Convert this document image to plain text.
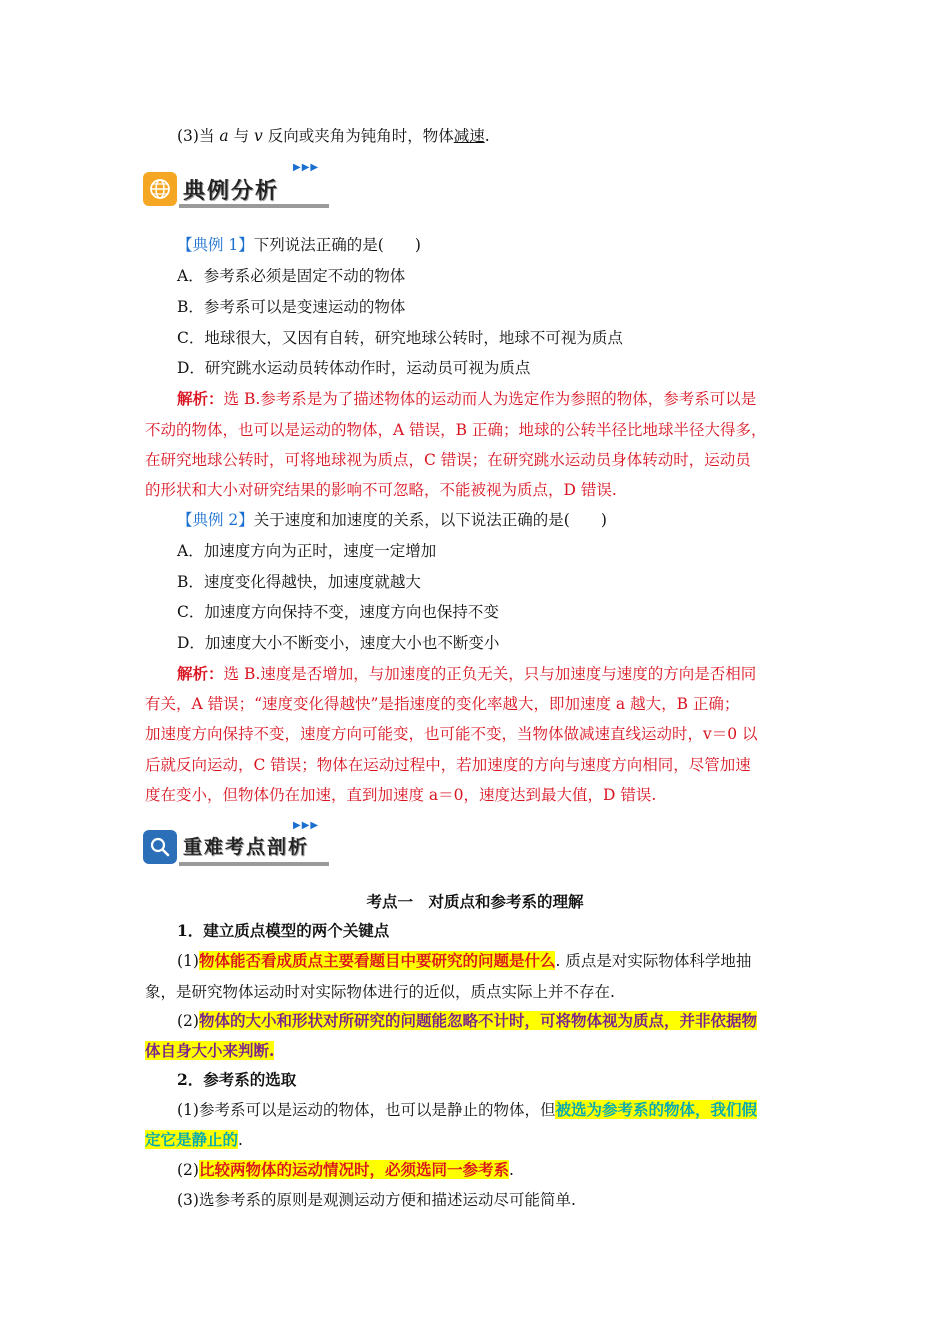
(3)当 a 与 v 反向或夹角为钝角时，物体减速.
典例分析
▶▶▶
【典例 1】下列说法正确的是(　　)
A．参考系必须是固定不动的物体
B．参考系可以是变速运动的物体
C．地球很大，又因有自转，研究地球公转时，地球不可视为质点
D．研究跳水运动员转体动作时，运动员可视为质点
解析：选 B.参考系是为了描述物体的运动而人为选定作为参照的物体，参考系可以是
不动的物体，也可以是运动的物体，A 错误，B 正确；地球的公转半径比地球半径大得多，
在研究地球公转时，可将地球视为质点，C 错误；在研究跳水运动员身体转动时，运动员
的形状和大小对研究结果的影响不可忽略，不能被视为质点，D 错误.
【典例 2】关于速度和加速度的关系，以下说法正确的是(　　)
A．加速度方向为正时，速度一定增加
B．速度变化得越快，加速度就越大
C．加速度方向保持不变，速度方向也保持不变
D．加速度大小不断变小，速度大小也不断变小
解析：选 B.速度是否增加，与加速度的正负无关，只与加速度与速度的方向是否相同
有关，A 错误；“速度变化得越快”是指速度的变化率越大，即加速度 a 越大，B 正确；
加速度方向保持不变，速度方向可能变，也可能不变，当物体做减速直线运动时，v＝0 以
后就反向运动，C 错误；物体在运动过程中，若加速度的方向与速度方向相同，尽管加速
度在变小，但物体仍在加速，直到加速度 a＝0，速度达到最大值，D 错误.
重难考点剖析
▶▶▶
考点一　对质点和参考系的理解
1．建立质点模型的两个关键点
(1)物体能否看成质点主要看题目中要研究的问题是什么. 质点是对实际物体科学地抽
象，是研究物体运动时对实际物体进行的近似，质点实际上并不存在.
(2)物体的大小和形状对所研究的问题能忽略不计时，可将物体视为质点，并非依据物
体自身大小来判断.
2．参考系的选取
(1)参考系可以是运动的物体，也可以是静止的物体，但被选为参考系的物体，我们假
定它是静止的.
(2)比较两物体的运动情况时，必须选同一参考系.
(3)选参考系的原则是观测运动方便和描述运动尽可能简单.
